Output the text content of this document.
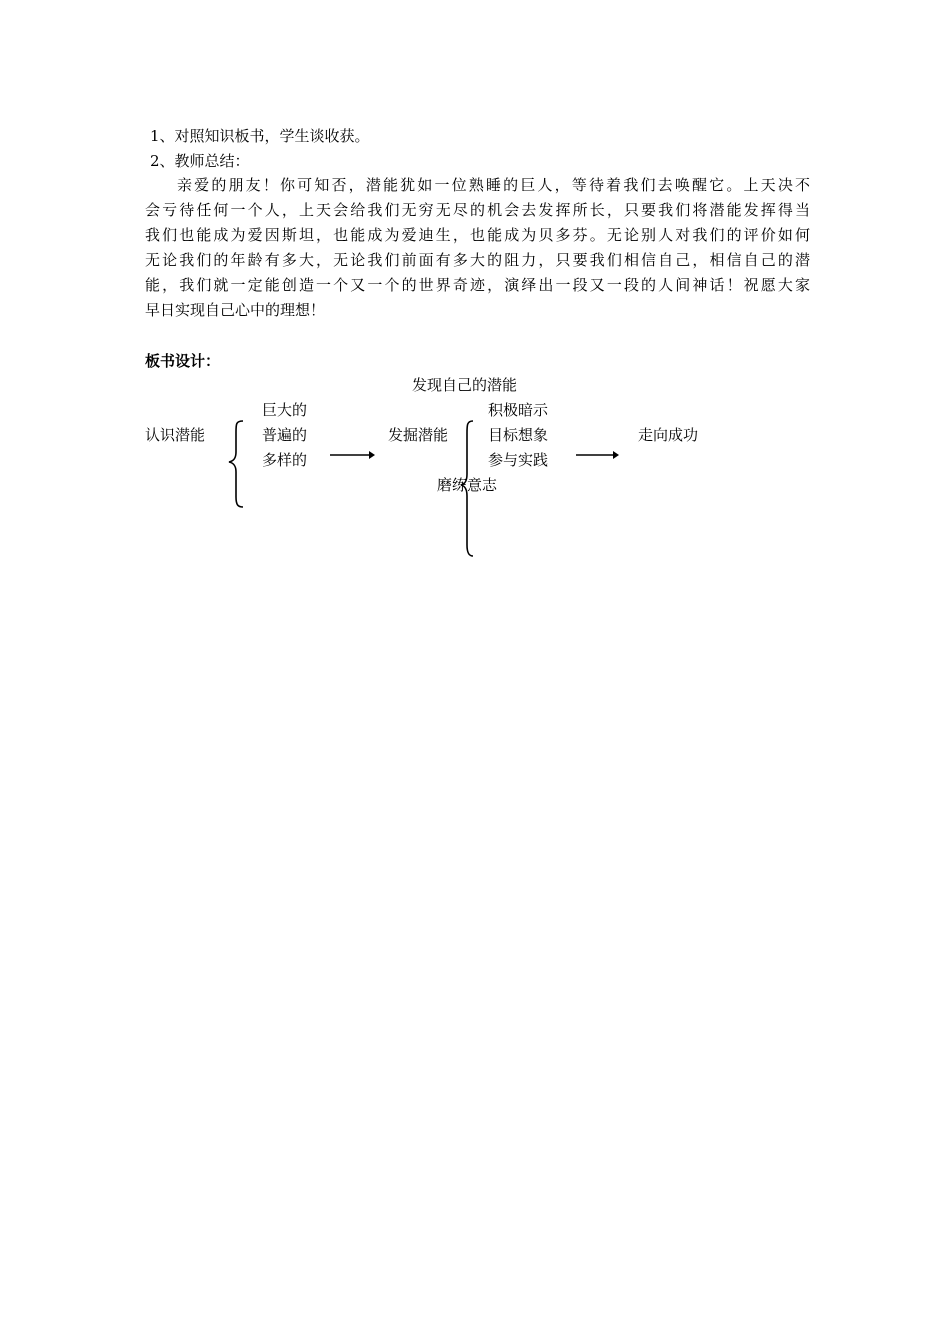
1、对照知识板书，学生谈收获。
2、教师总结：
亲爱的朋友！你可知否，潜能犹如一位熟睡的巨人，等待着我们去唤醒它。上天决不
会亏待任何一个人，上天会给我们无穷无尽的机会去发挥所长，只要我们将潜能发挥得当
我们也能成为爱因斯坦，也能成为爱迪生，也能成为贝多芬。无论别人对我们的评价如何
无论我们的年龄有多大，无论我们前面有多大的阻力，只要我们相信自己，相信自己的潜
能，我们就一定能创造一个又一个的世界奇迹，演绎出一段又一段的人间神话！祝愿大家
早日实现自己心中的理想！
板书设计：
发现自己的潜能
认识潜能
巨大的
普遍的
多样的
发掘潜能
积极暗示
目标想象
参与实践
磨练意志
走向成功
